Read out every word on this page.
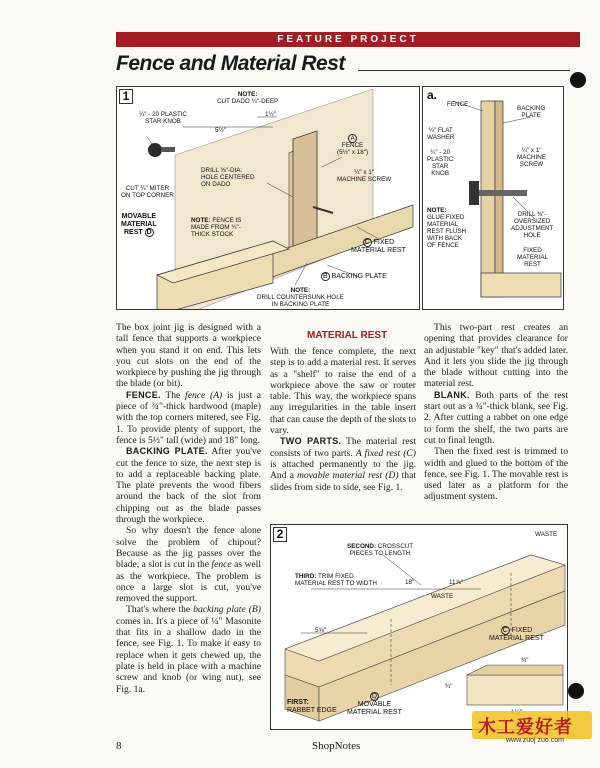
FEATURE PROJECT
Fence and Material Rest
1	NOTE:
CUT DADO ¼"-DEEP
5½"
1½"
¼" - 20 PLASTIC
STAR KNOB
CUT ¼" MITER
ON TOP CORNER
DRILL ⅜"-DIA.
HOLE CENTERED
ON DADO
A
FENCE
(5½" x 18")
¼" x 1"
MACHINE SCREW
MOVABLE
MATERIAL
REST D
NOTE: FENCE IS
MADE FROM ¾"-
THICK STOCK
C FIXED
MATERIAL REST
B BACKING PLATE
NOTE:
DRILL COUNTERSUNK HOLE
IN BACKING PLATE
a.
FENCE
BACKING
PLATE
¼" FLAT
WASHER
¼" - 20
PLASTIC
STAR
KNOB
¼" x 1"
MACHINE
SCREW
NOTE:
GLUE FIXED
MATERIAL
REST FLUSH
WITH BACK
OF FENCE
DRILL ⅜"-
OVERSIZED
ADJUSTMENT
HOLE
FIXED
MATERIAL
REST

The box joint jig is designed with a tall fence that supports a workpiece when you stand it on end. This lets you cut slots on the end of the workpiece by pushing the jig through the blade (or bit).

FENCE. The fence (A) is just a piece of ¾"-thick hardwood (maple) with the top corners mitered, see Fig. 1. To provide plenty of support, the fence is 5½" tall (wide) and 18" long.

BACKING PLATE. After you've cut the fence to size, the next step is to add a replaceable backing plate. The plate prevents the wood fibers around the back of the slot from chipping out as the blade passes through the workpiece.

So why doesn't the fence alone solve the problem of chipout? Because as the jig passes over the blade, a slot is cut in the fence as well as the workpiece. The problem is once a large slot is cut, you've removed the support.

That's where the backing plate (B) comes in. It's a piece of ¼" Masonite that fits in a shallow dado in the fence, see Fig. 1. To make it easy to replace when it gets chewed up, the plate is held in place with a machine screw and knob (or wing nut), see Fig. 1a.

MATERIAL REST

With the fence complete, the next step is to add a material rest. It serves as a "shelf" to raise the end of a workpiece above the saw or router table. This way, the workpiece spans any irregularities in the table insert that can cause the depth of the slots to vary.

TWO PARTS. The material rest consists of two parts. A fixed rest (C) is attached permanently to the jig. And a movable material rest (D) that slides from side to side, see Fig. 1.

This two-part rest creates an opening that provides clearance for an adjustable "key" that's added later. And it lets you slide the jig through the blade without cutting into the material rest.

BLANK. Both parts of the rest start out as a ¾"-thick blank, see Fig. 2. After cutting a rabbet on one edge to form the shelf, the two parts are cut to final length.

Then the fixed rest is trimmed to width and glued to the bottom of the fence, see Fig. 1. The movable rest is used later as a platform for the adjustment system.

2
SECOND: CROSSCUT
PIECES TO LENGTH
WASTE
THIRD: TRIM FIXED
MATERIAL REST TO WIDTH	18"	11⅞"
WASTE
5⅝"	C FIXED
MATERIAL REST
¾"
¾"
FIRST:
RABBET EDGE
D
MOVABLE
MATERIAL REST
8	ShopNotes
木工爱好者
www.zuoj zuo.com
